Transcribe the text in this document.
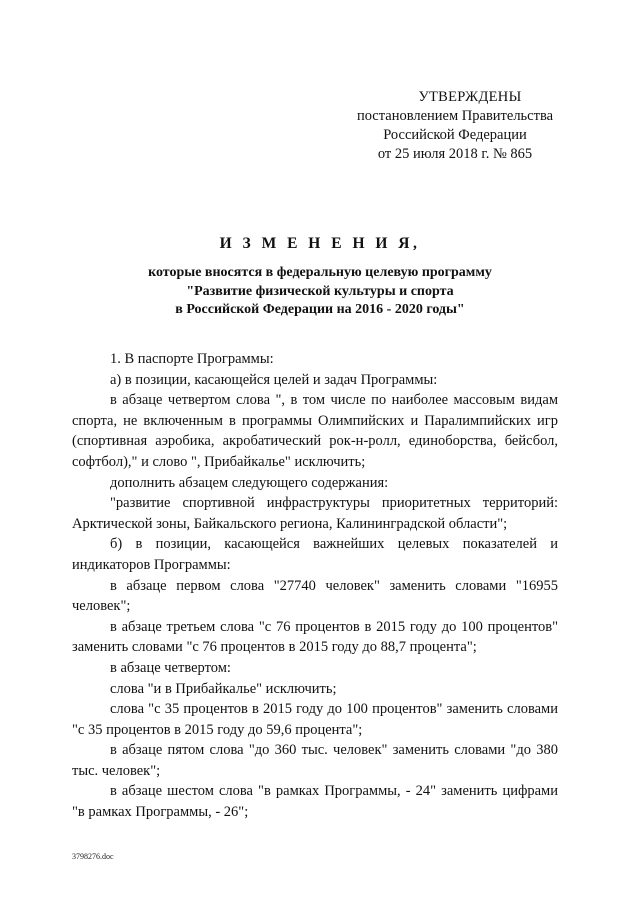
УТВЕРЖДЕНЫ
постановлением Правительства
Российской Федерации
от 25 июля 2018 г. № 865
И З М Е Н Е Н И Я,
которые вносятся в федеральную целевую программу
"Развитие физической культуры и спорта
в Российской Федерации на 2016 - 2020 годы"

1. В паспорте Программы:

а) в позиции, касающейся целей и задач Программы:

в абзаце четвертом слова ", в том числе по наиболее массовым видам спорта, не включенным в программы Олимпийских и Паралимпийских игр (спортивная аэробика, акробатический рок-н-ролл, единоборства, бейсбол, софтбол)," и слово ", Прибайкалье" исключить;

дополнить абзацем следующего содержания:

"развитие спортивной инфраструктуры приоритетных территорий: Арктической зоны, Байкальского региона, Калининградской области";

б) в позиции, касающейся важнейших целевых показателей и индикаторов Программы:

в абзаце первом слова "27740 человек" заменить словами "16955 человек";

в абзаце третьем слова "с 76 процентов в 2015 году до 100 процентов" заменить словами "с 76 процентов в 2015 году до 88,7 процента";

в абзаце четвертом:

слова "и в Прибайкалье" исключить;

слова "с 35 процентов в 2015 году до 100 процентов" заменить словами "с 35 процентов в 2015 году до 59,6 процента";

в абзаце пятом слова "до 360 тыс. человек" заменить словами "до 380 тыс. человек";

в абзаце шестом слова "в рамках Программы, - 24" заменить цифрами "в рамках Программы, - 26";

3798276.doc
